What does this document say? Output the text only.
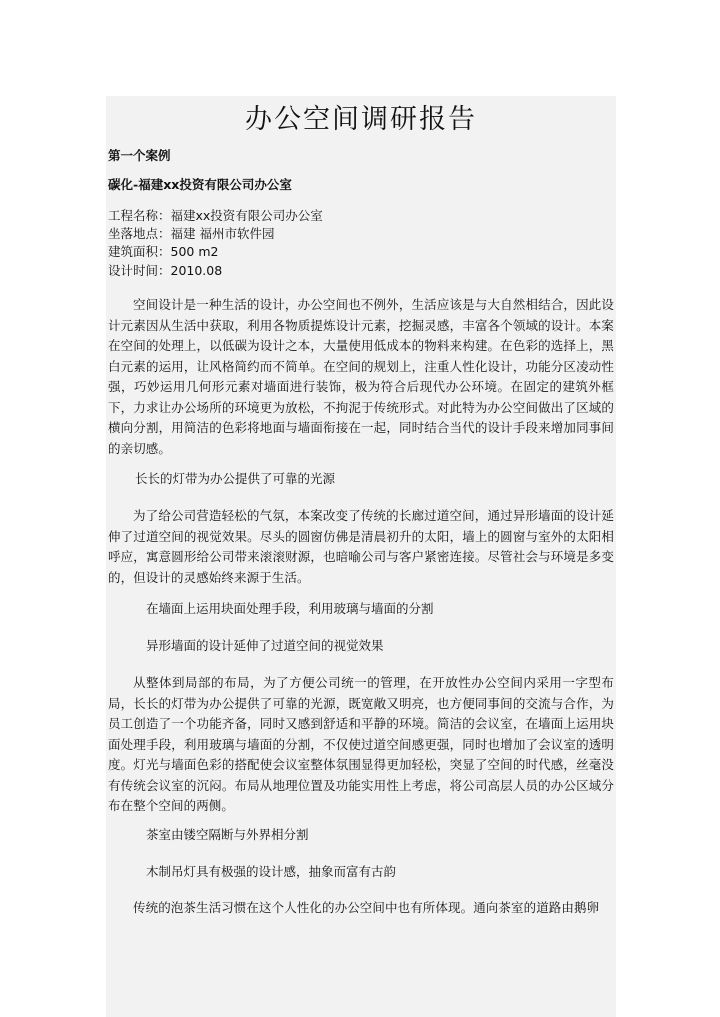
办公空间调研报告
第一个案例
碳化-福建xx投资有限公司办公室
工程名称：福建xx投资有限公司办公室
坐落地点：福建 福州市软件园
建筑面积：500 m2
设计时间：2010.08
空间设计是一种生活的设计，办公空间也不例外，生活应该是与大自然相结合，因此设计元素因从生活中获取，利用各物质提炼设计元素，挖掘灵感，丰富各个领域的设计。本案在空间的处理上，以低碳为设计之本，大量使用低成本的物料来构建。在色彩的选择上，黑白元素的运用，让风格简约而不简单。在空间的规划上，注重人性化设计，功能分区凌动性强，巧妙运用几何形元素对墙面进行装饰，极为符合后现代办公环境。在固定的建筑外框下，力求让办公场所的环境更为放松，不拘泥于传统形式。对此特为办公空间做出了区域的横向分割，用简洁的色彩将地面与墙面衔接在一起，同时结合当代的设计手段来增加同事间的亲切感。
长长的灯带为办公提供了可靠的光源
为了给公司营造轻松的气氛，本案改变了传统的长廊过道空间，通过异形墙面的设计延伸了过道空间的视觉效果。尽头的圆窗仿佛是清晨初升的太阳，墙上的圆窗与室外的太阳相呼应，寓意圆形给公司带来滚滚财源，也暗喻公司与客户紧密连接。尽管社会与环境是多变的，但设计的灵感始终来源于生活。
在墙面上运用块面处理手段，利用玻璃与墙面的分割
异形墙面的设计延伸了过道空间的视觉效果
从整体到局部的布局，为了方便公司统一的管理，在开放性办公空间内采用一字型布局，长长的灯带为办公提供了可靠的光源，既宽敞又明亮，也方便同事间的交流与合作，为员工创造了一个功能齐备，同时又感到舒适和平静的环境。简洁的会议室，在墙面上运用块面处理手段，利用玻璃与墙面的分割，不仅使过道空间感更强，同时也增加了会议室的透明度。灯光与墙面色彩的搭配使会议室整体氛围显得更加轻松，突显了空间的时代感，丝毫没有传统会议室的沉闷。布局从地理位置及功能实用性上考虑，将公司高层人员的办公区域分布在整个空间的两侧。
茶室由镂空隔断与外界相分割
木制吊灯具有极强的设计感，抽象而富有古韵
传统的泡茶生活习惯在这个人性化的办公空间中也有所体现。通向茶室的道路由鹅卵
